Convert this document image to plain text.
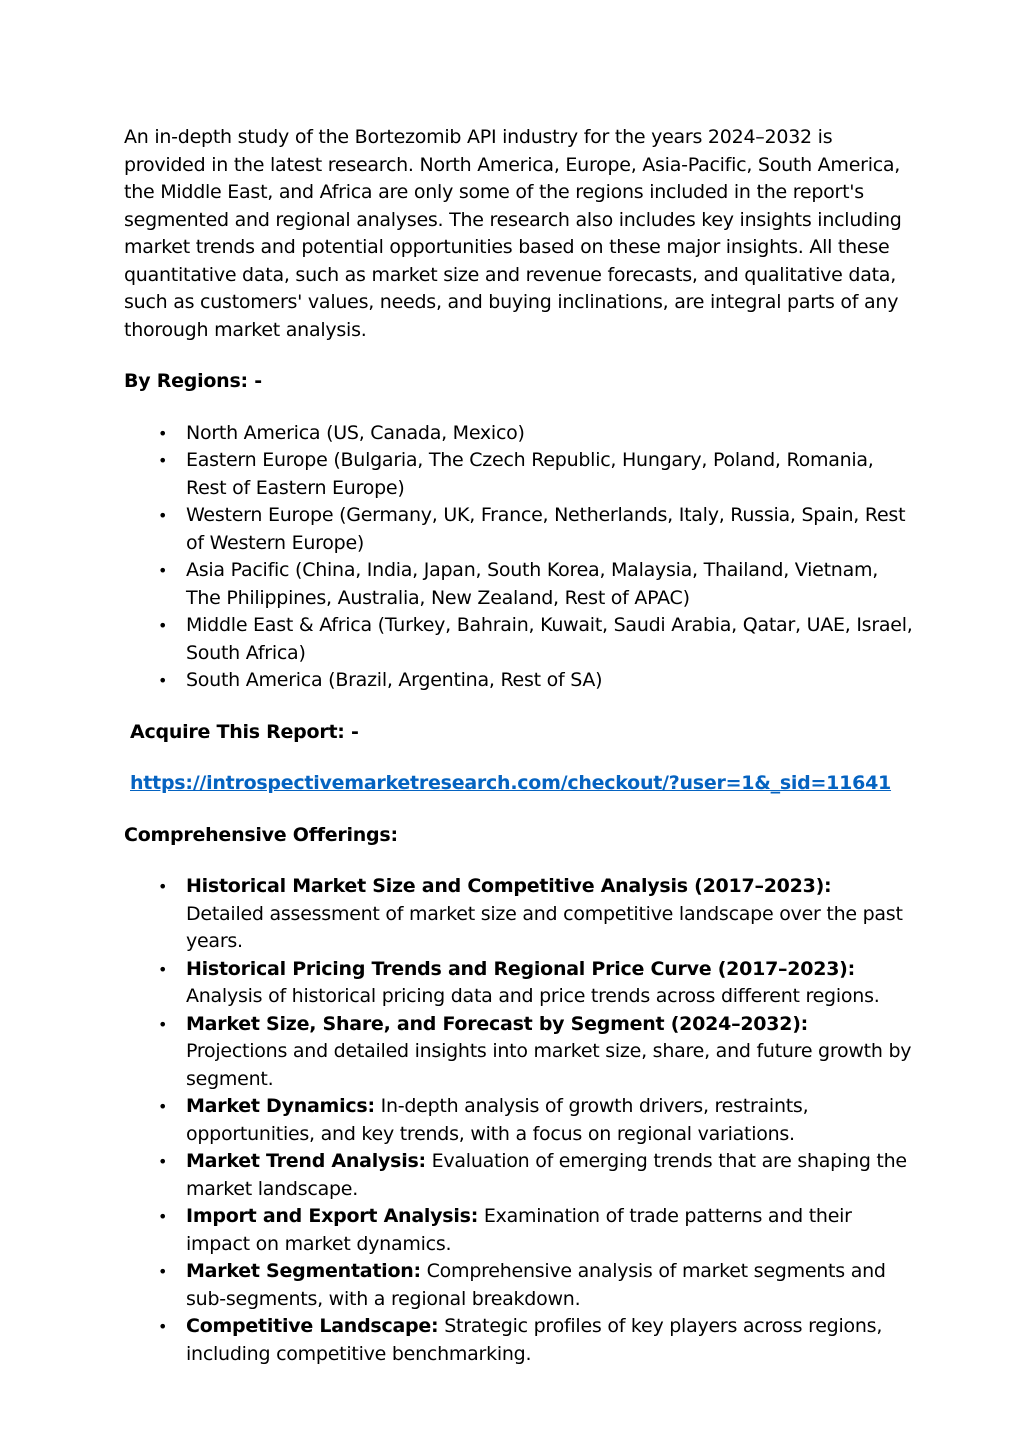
An in-depth study of the Bortezomib API industry for the years 2024–2032 is provided in the latest research. North America, Europe, Asia-Pacific, South America, the Middle East, and Africa are only some of the regions included in the report's segmented and regional analyses. The research also includes key insights including market trends and potential opportunities based on these major insights. All these quantitative data, such as market size and revenue forecasts, and qualitative data, such as customers' values, needs, and buying inclinations, are integral parts of any thorough market analysis.

By Regions: -

• North America (US, Canada, Mexico)
• Eastern Europe (Bulgaria, The Czech Republic, Hungary, Poland, Romania, Rest of Eastern Europe)
• Western Europe (Germany, UK, France, Netherlands, Italy, Russia, Spain, Rest of Western Europe)
• Asia Pacific (China, India, Japan, South Korea, Malaysia, Thailand, Vietnam, The Philippines, Australia, New Zealand, Rest of APAC)
• Middle East & Africa (Turkey, Bahrain, Kuwait, Saudi Arabia, Qatar, UAE, Israel, South Africa)
• South America (Brazil, Argentina, Rest of SA)

Acquire This Report: -

https://introspectivemarketresearch.com/checkout/?user=1&_sid=11641

Comprehensive Offerings:

• Historical Market Size and Competitive Analysis (2017–2023): Detailed assessment of market size and competitive landscape over the past years.
• Historical Pricing Trends and Regional Price Curve (2017–2023): Analysis of historical pricing data and price trends across different regions.
• Market Size, Share, and Forecast by Segment (2024–2032): Projections and detailed insights into market size, share, and future growth by segment.
• Market Dynamics: In-depth analysis of growth drivers, restraints, opportunities, and key trends, with a focus on regional variations.
• Market Trend Analysis: Evaluation of emerging trends that are shaping the market landscape.
• Import and Export Analysis: Examination of trade patterns and their impact on market dynamics.
• Market Segmentation: Comprehensive analysis of market segments and sub-segments, with a regional breakdown.
• Competitive Landscape: Strategic profiles of key players across regions, including competitive benchmarking.
